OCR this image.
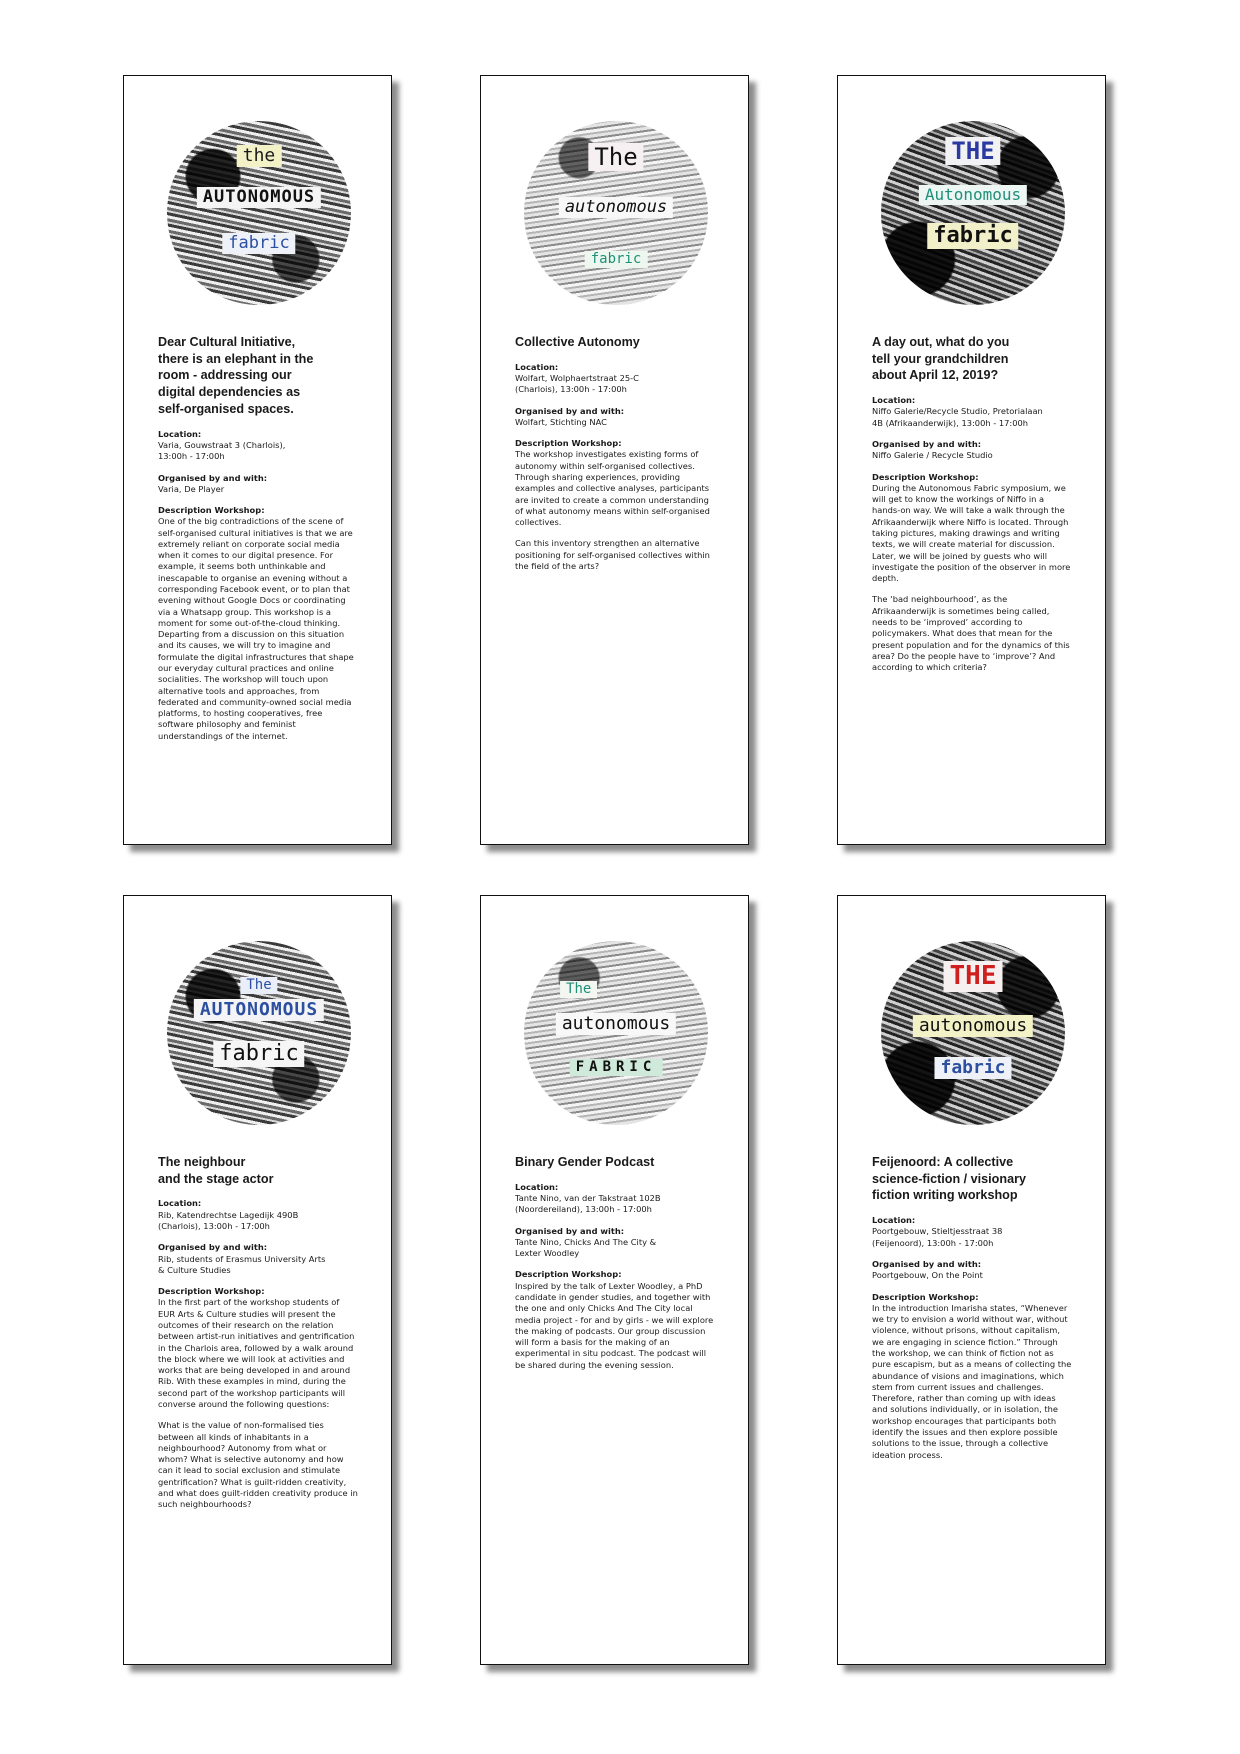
the
AUTONOMOUS
fabric

Dear Cultural Initiative,
there is an elephant in the
room - addressing our
digital dependencies as
self-organised spaces.

Location:

Varia, Gouwstraat 3 (Charlois),
13:00h - 17:00h

Organised by and with:

Varia, De Player

Description Workshop:

One of the big contradictions of the scene of self-organised cultural initiatives is that we are extremely reliant on corporate social media when it comes to our digital presence. For example, it seems both unthinkable and inescapable to organise an evening without a corresponding Facebook event, or to plan that evening without Google Docs or coordinating via a Whatsapp group. This workshop is a moment for some out-of-the-cloud thinking. Departing from a discussion on this situation and its causes, we will try to imagine and formulate the digital infrastructures that shape our everyday cultural practices and online socialities. The workshop will touch upon alternative tools and approaches, from federated and community-owned social media platforms, to hosting cooperatives, free software philosophy and feminist understandings of the internet.

The
autonomous
fabric

Collective Autonomy

Location:

Wolfart, Wolphaertstraat 25-C
(Charlois), 13:00h - 17:00h

Organised by and with:

Wolfart, Stichting NAC

Description Workshop:

The workshop investigates existing forms of autonomy within self-organised collectives. Through sharing experiences, providing examples and collective analyses, participants are invited to create a common understanding of what autonomy means within self-organised collectives.

Can this inventory strengthen an alternative positioning for self-organised collectives within the field of the arts?

THE
Autonomous
fabric

A day out, what do you
tell your grandchildren
about April 12, 2019?

Location:

Niffo Galerie/Recycle Studio, Pretorialaan
4B (Afrikaanderwijk), 13:00h - 17:00h

Organised by and with:

Niffo Galerie / Recycle Studio

Description Workshop:

During the Autonomous Fabric symposium, we will get to know the workings of Niffo in a hands-on way. We will take a walk through the Afrikaanderwijk where Niffo is located. Through taking pictures, making drawings and writing texts, we will create material for discussion. Later, we will be joined by guests who will investigate the position of the observer in more depth.

The ‘bad neighbourhood’, as the Afrikaanderwijk is sometimes being called, needs to be ‘improved’ according to policymakers. What does that mean for the present population and for the dynamics of this area? Do the people have to ‘improve’? And according to which criteria?

The
AUTONOMOUS
fabric

The neighbour
and the stage actor

Location:

Rib, Katendrechtse Lagedijk 490B
(Charlois), 13:00h - 17:00h

Organised by and with:

Rib, students of Erasmus University Arts
& Culture Studies

Description Workshop:

In the first part of the workshop students of EUR Arts & Culture studies will present the outcomes of their research on the relation between artist-run initiatives and gentrification in the Charlois area, followed by a walk around the block where we will look at activities and works that are being developed in and around Rib. With these examples in mind, during the second part of the workshop participants will converse around the following questions:

What is the value of non-formalised ties between all kinds of inhabitants in a neighbourhood? Autonomy from what or whom? What is selective autonomy and how can it lead to social exclusion and stimulate gentrification? What is guilt-ridden creativity, and what does guilt-ridden creativity produce in such neighbourhoods?

The
autonomous
FABRIC

Binary Gender Podcast

Location:

Tante Nino, van der Takstraat 102B
(Noordereiland), 13:00h - 17:00h

Organised by and with:

Tante Nino, Chicks And The City &
Lexter Woodley

Description Workshop:

Inspired by the talk of Lexter Woodley, a PhD candidate in gender studies, and together with the one and only Chicks And The City local media project - for and by girls - we will explore the making of podcasts. Our group discussion will form a basis for the making of an experimental in situ podcast. The podcast will be shared during the evening session.

THE
autonomous
fabric

Feijenoord: A collective
science-fiction / visionary
fiction writing workshop

Location:

Poortgebouw, Stieltjesstraat 38
(Feijenoord), 13:00h - 17:00h

Organised by and with:

Poortgebouw, On the Point

Description Workshop:

In the introduction Imarisha states, “Whenever we try to envision a world without war, without violence, without prisons, without capitalism, we are engaging in science fiction.” Through the workshop, we can think of fiction not as pure escapism, but as a means of collecting the abundance of visions and imaginations, which stem from current issues and challenges. Therefore, rather than coming up with ideas and solutions individually, or in isolation, the workshop encourages that participants both identify the issues and then explore possible solutions to the issue, through a collective ideation process.
